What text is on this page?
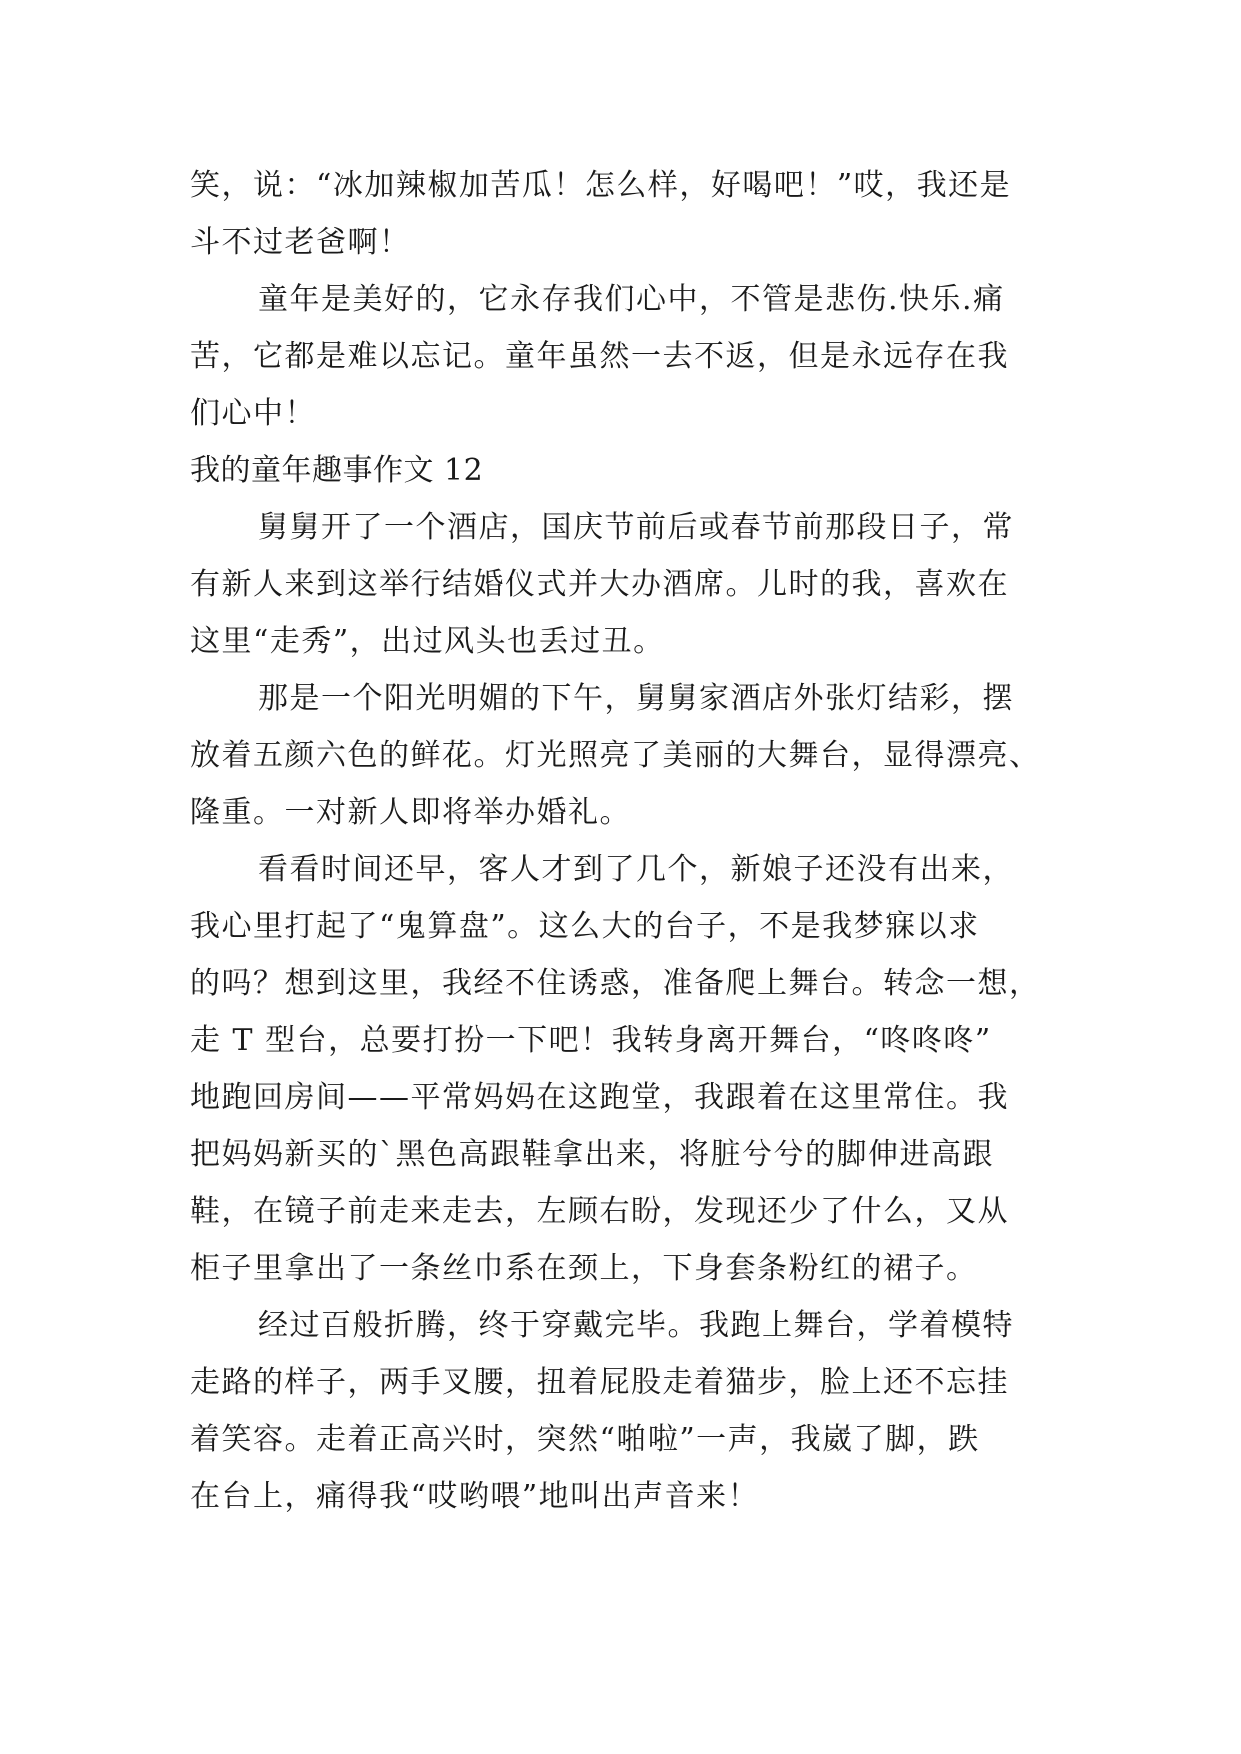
笑，说：“冰加辣椒加苦瓜！怎么样，好喝吧！”哎，我还是
斗不过老爸啊！
童年是美好的，它永存我们心中，不管是悲伤.快乐.痛
苦，它都是难以忘记。童年虽然一去不返，但是永远存在我
们心中！
我的童年趣事作文 12
舅舅开了一个酒店，国庆节前后或春节前那段日子，常
有新人来到这举行结婚仪式并大办酒席。儿时的我，喜欢在
这里“走秀”，出过风头也丢过丑。
那是一个阳光明媚的下午，舅舅家酒店外张灯结彩，摆
放着五颜六色的鲜花。灯光照亮了美丽的大舞台，显得漂亮、
隆重。一对新人即将举办婚礼。
看看时间还早，客人才到了几个，新娘子还没有出来，
我心里打起了“鬼算盘”。这么大的台子，不是我梦寐以求
的吗？想到这里，我经不住诱惑，准备爬上舞台。转念一想，
走 T 型台，总要打扮一下吧！我转身离开舞台，“咚咚咚”
地跑回房间——平常妈妈在这跑堂，我跟着在这里常住。我
把妈妈新买的`黑色高跟鞋拿出来，将脏兮兮的脚伸进高跟
鞋，在镜子前走来走去，左顾右盼，发现还少了什么，又从
柜子里拿出了一条丝巾系在颈上，下身套条粉红的裙子。
经过百般折腾，终于穿戴完毕。我跑上舞台，学着模特
走路的样子，两手叉腰，扭着屁股走着猫步，脸上还不忘挂
着笑容。走着正高兴时，突然“啪啦”一声，我崴了脚，跌
在台上，痛得我“哎哟喂”地叫出声音来！
